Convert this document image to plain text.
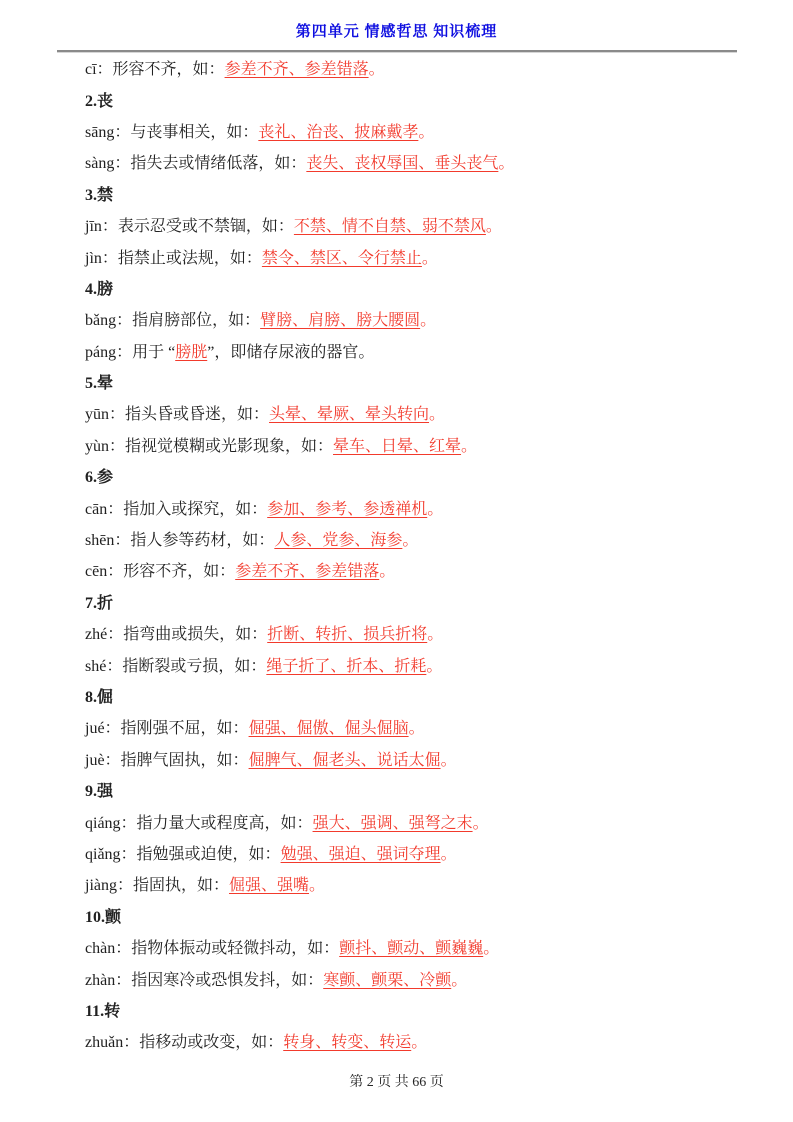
第四单元 情感哲思 知识梳理
cī：形容不齐，如： 参差不齐、参差错落 。
2.丧
sāng：与丧事相关，如： 丧礼、治丧、披麻戴孝 。
sàng：指失去或情绪低落，如： 丧失、丧权辱国、垂头丧气 。
3.禁
jīn：表示忍受或不禁锢，如： 不禁、情不自禁、弱不禁风 。
jìn：指禁止或法规，如： 禁令、禁区、令行禁止 。
4.膀
bǎng：指肩膀部位，如： 臂膀、肩膀、膀大腰圆 。
páng：用于 “ 膀胱 ”，即储存尿液的器官。
5.晕
yūn：指头昏或昏迷，如： 头晕、晕厥、晕头转向 。
yùn：指视觉模糊或光影现象，如： 晕车、日晕、红晕 。
6.参
cān：指加入或探究，如： 参加、参考、参透禅机 。
shēn：指人参等药材，如： 人参、党参、海参 。
cēn：形容不齐，如： 参差不齐、参差错落 。
7.折
zhé：指弯曲或损失，如： 折断、转折、损兵折将 。
shé：指断裂或亏损，如： 绳子折了、折本、折耗 。
8.倔
jué：指刚强不屈，如： 倔强、倔傲、倔头倔脑 。
juè：指脾气固执，如： 倔脾气、倔老头、说话太倔 。
9.强
qiáng：指力量大或程度高，如： 强大、强调、强弩之末 。
qiǎng：指勉强或迫使，如： 勉强、强迫、强词夺理 。
jiàng：指固执，如： 倔强、强嘴 。
10.颤
chàn：指物体振动或轻微抖动，如： 颤抖、颤动、颤巍巍 。
zhàn：指因寒冷或恐惧发抖，如： 寒颤、颤栗、冷颤 。
11.转
zhuǎn：指移动或改变，如： 转身、转变、转运 。
第 2 页 共 66 页
